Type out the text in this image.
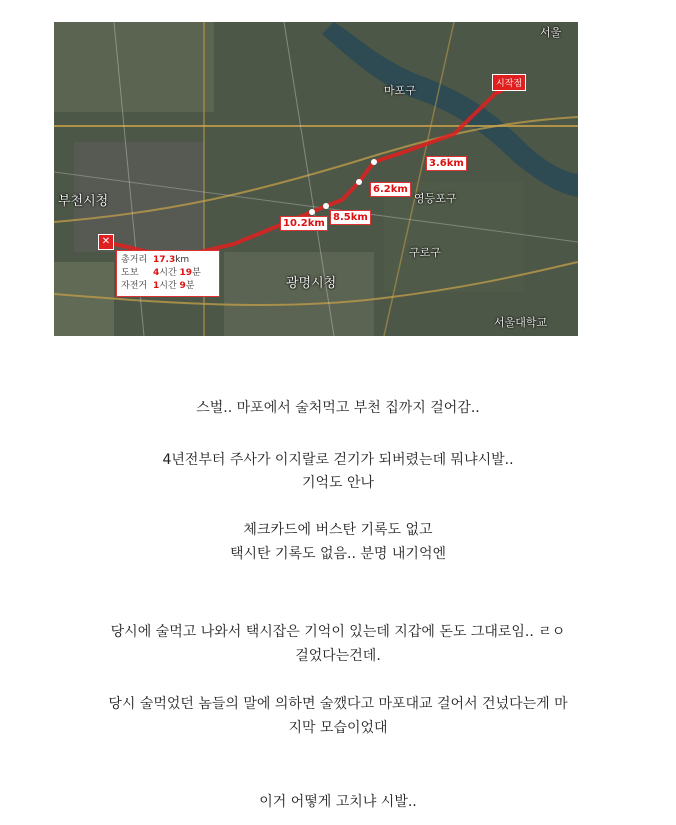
부천시청
광명시청
서울
구로구
서울대학교
마포구
영등포구
시작점
✕
3.6km
6.2km
8.5km
10.2km
총거리 17.3km
도보	4시간 19분
자전거 1시간 9분
스벌.. 마포에서 술처먹고 부천 집까지 걸어감..
4년전부터 주사가 이지랄로 걷기가 되버렸는데 뭐냐시발..
기억도 안나
체크카드에 버스탄 기록도 없고
택시탄 기록도 없음.. 분명 내기억엔
당시에 술먹고 나와서 택시잡은 기억이 있는데 지갑에 돈도 그대로임.. ㄹㅇ
걸었다는건데.
당시 술먹었던 놈들의 말에 의하면 술깼다고 마포대교 걸어서 건넜다는게 마
지막 모습이었대
이거 어떻게 고치냐 시발..
